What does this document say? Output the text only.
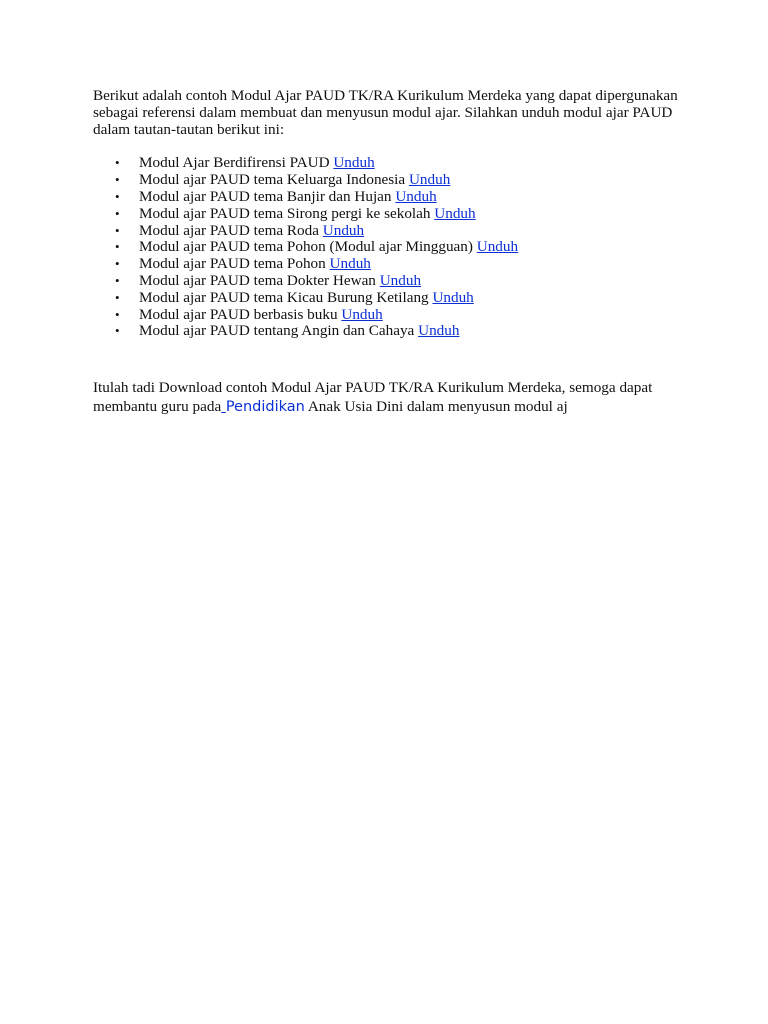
Berikut adalah contoh Modul Ajar PAUD TK/RA Kurikulum Merdeka yang dapat dipergunakan sebagai referensi dalam membuat dan menyusun modul ajar. Silahkan unduh modul ajar PAUD dalam tautan-tautan berikut ini:

• Modul Ajar Berdifirensi PAUD Unduh
• Modul ajar PAUD tema Keluarga Indonesia Unduh
• Modul ajar PAUD tema Banjir dan Hujan Unduh
• Modul ajar PAUD tema Sirong pergi ke sekolah Unduh
• Modul ajar PAUD tema Roda Unduh
• Modul ajar PAUD tema Pohon (Modul ajar Mingguan) Unduh
• Modul ajar PAUD tema Pohon Unduh
• Modul ajar PAUD tema Dokter Hewan Unduh
• Modul ajar PAUD tema Kicau Burung Ketilang Unduh
• Modul ajar PAUD berbasis buku Unduh
• Modul ajar PAUD tentang Angin dan Cahaya Unduh

Itulah tadi Download contoh Modul Ajar PAUD TK/RA Kurikulum Merdeka, semoga dapat membantu guru pada Pendidikan Anak Usia Dini dalam menyusun modul aj
